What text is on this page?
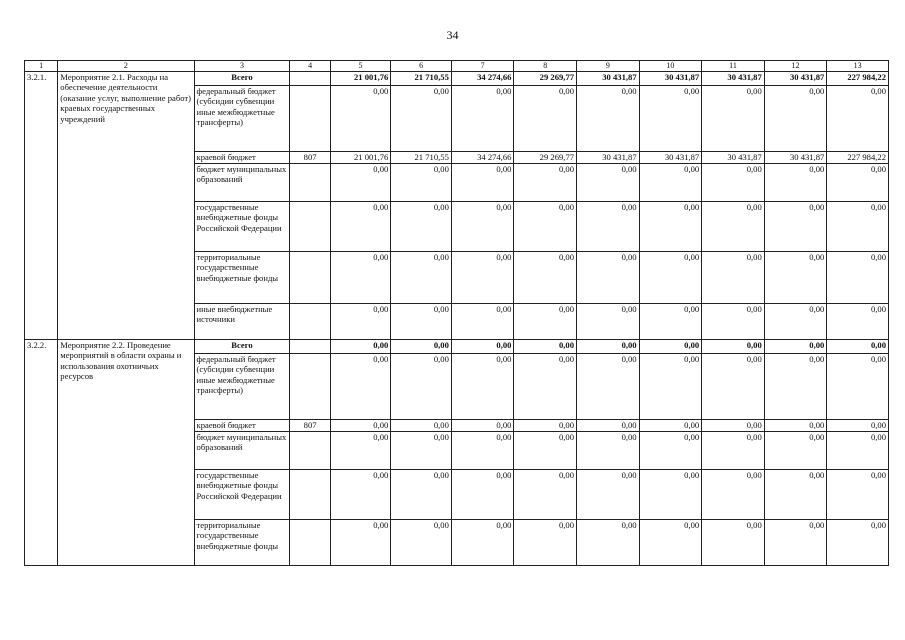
34
1	2	3	4	5	6	7	8	9	10	11	12	13
3.2.1.	Мероприятие 2.1. Расходы на обеспечение деятельности (оказание услуг, выполнение работ) краевых государственных учреждений	Всего		21 001,76	21 710,55	34 274,66	29 269,77	30 431,87	30 431,87	30 431,87	30 431,87	227 984,22
		федеральный бюджет (субсидии субвенции иные межбюджетные трансферты)		0,00	0,00	0,00	0,00	0,00	0,00	0,00	0,00	0,00
		краевой бюджет	807	21 001,76	21 710,55	34 274,66	29 269,77	30 431,87	30 431,87	30 431,87	30 431,87	227 984,22
		бюджет муниципальных образований		0,00	0,00	0,00	0,00	0,00	0,00	0,00	0,00	0,00
		государственные внебюджетные фонды Российской Федерации		0,00	0,00	0,00	0,00	0,00	0,00	0,00	0,00	0,00
		территориальные государственные внебюджетные фонды		0,00	0,00	0,00	0,00	0,00	0,00	0,00	0,00	0,00
		иные внебюджетные источники		0,00	0,00	0,00	0,00	0,00	0,00	0,00	0,00	0,00
3.2.2.	Мероприятие 2.2. Проведение мероприятий в области охраны и использования охотничьих ресурсов	Всего		0,00	0,00	0,00	0,00	0,00	0,00	0,00	0,00	0,00
		федеральный бюджет (субсидии субвенции иные межбюджетные трансферты)		0,00	0,00	0,00	0,00	0,00	0,00	0,00	0,00	0,00
		краевой бюджет	807	0,00	0,00	0,00	0,00	0,00	0,00	0,00	0,00	0,00
		бюджет муниципальных образований		0,00	0,00	0,00	0,00	0,00	0,00	0,00	0,00	0,00
		государственные внебюджетные фонды Российской Федерации		0,00	0,00	0,00	0,00	0,00	0,00	0,00	0,00	0,00
		территориальные государственные внебюджетные фонды		0,00	0,00	0,00	0,00	0,00	0,00	0,00	0,00	0,00
